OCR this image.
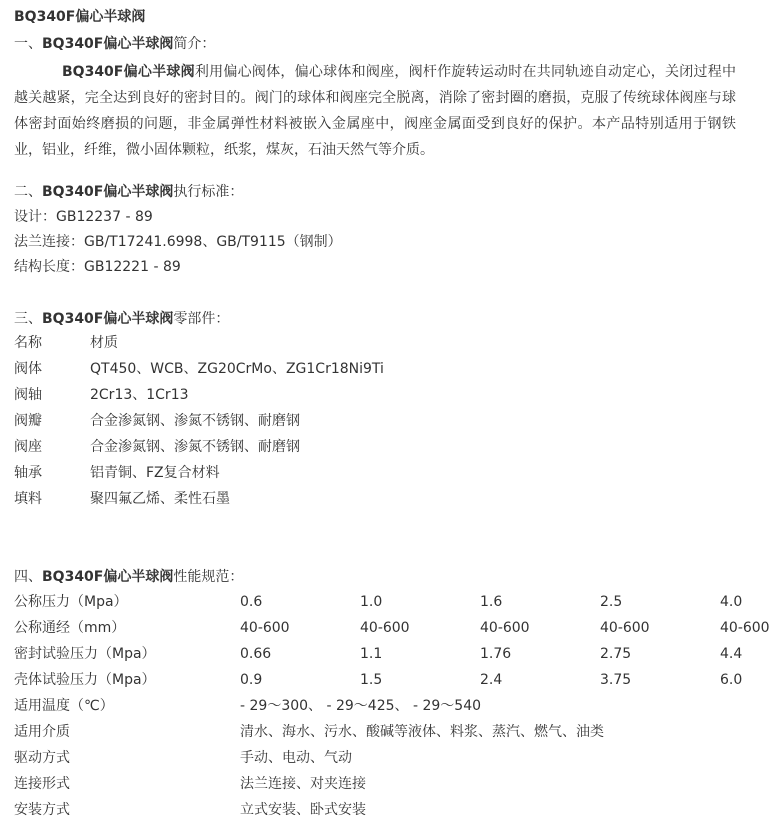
BQ340F偏心半球阀
一、BQ340F偏心半球阀简介：
BQ340F偏心半球阀利用偏心阀体，偏心球体和阀座，阀杆作旋转运动时在共同轨迹自动定心，关闭过程中越关越紧，完全达到良好的密封目的。阀门的球体和阀座完全脱离，消除了密封圈的磨损，克服了传统球体阀座与球体密封面始终磨损的问题，非金属弹性材料被嵌入金属座中，阀座金属面受到良好的保护。本产品特别适用于钢铁业，铝业，纤维，微小固体颗粒，纸浆，煤灰，石油天然气等介质。
二、BQ340F偏心半球阀执行标准：
设计：GB12237 - 89
法兰连接：GB/T17241.6998、GB/T9115（钢制）
结构长度：GB12221 - 89
三、BQ340F偏心半球阀零部件：
名称	材质
阀体	QT450、WCB、ZG20CrMo、ZG1Cr18Ni9Ti
阀轴	2Cr13、1Cr13
阀瓣	合金渗氮钢、渗氮不锈钢、耐磨钢
阀座	合金渗氮钢、渗氮不锈钢、耐磨钢
轴承	铝青铜、FZ复合材料
填料	聚四氟乙烯、柔性石墨
四、BQ340F偏心半球阀性能规范：
公称压力（Mpa）	0.6	1.0	1.6	2.5	4.0
公称通经（mm）	40-600	40-600	40-600	40-600	40-600
密封试验压力（Mpa）	0.66	1.1	1.76	2.75	4.4
壳体试验压力（Mpa）	0.9	1.5	2.4	3.75	6.0
适用温度（℃）	- 29～300、 - 29～425、 - 29～540
适用介质	清水、海水、污水、酸碱等液体、料浆、蒸汽、燃气、油类
驱动方式	手动、电动、气动
连接形式	法兰连接、对夹连接
安装方式	立式安装、卧式安装
